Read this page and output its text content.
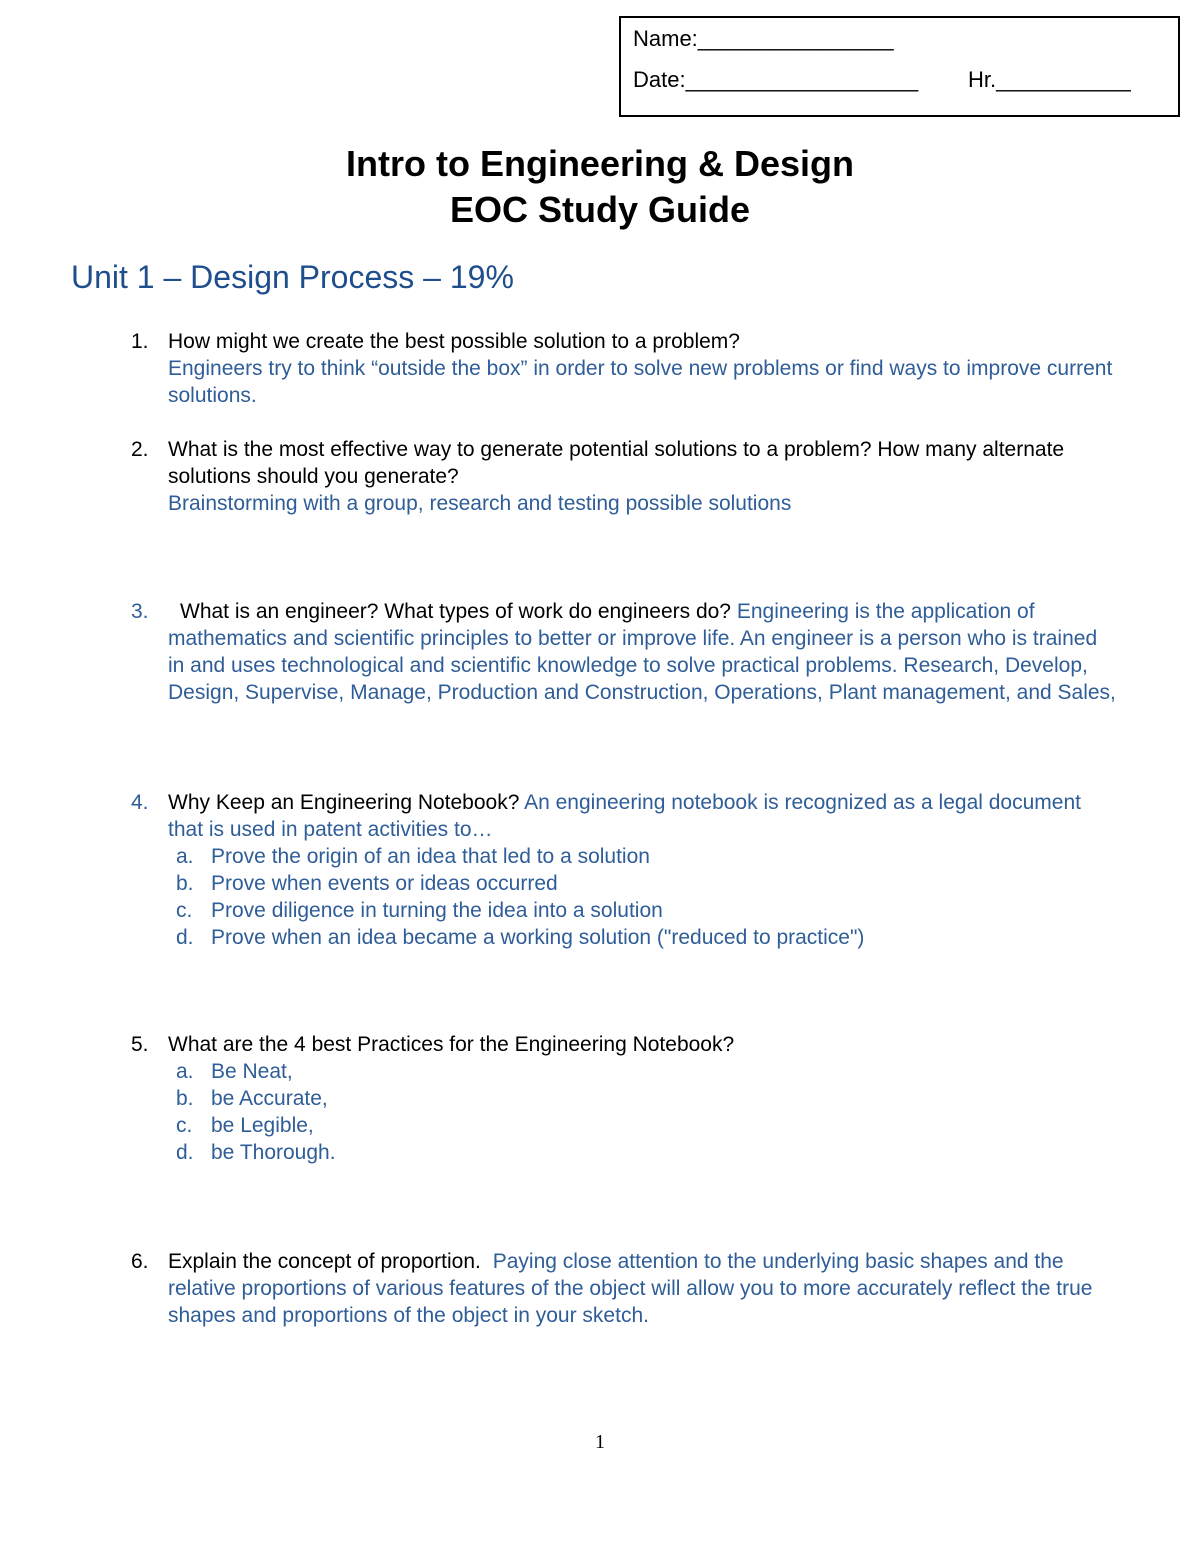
Name:________________
Date:___________________ Hr.___________
Intro to Engineering & Design
EOC Study Guide
Unit 1 – Design Process – 19%
1. How might we create the best possible solution to a problem?
Engineers try to think “outside the box” in order to solve new problems or find ways to improve current solutions.
2. What is the most effective way to generate potential solutions to a problem? How many alternate solutions should you generate?
Brainstorming with a group, research and testing possible solutions
3.	What is an engineer? What types of work do engineers do? Engineering is the application of mathematics and scientific principles to better or improve life. An engineer is a person who is trained in and uses technological and scientific knowledge to solve practical problems. Research, Develop, Design, Supervise, Manage, Production and Construction, Operations, Plant management, and Sales,
4. Why Keep an Engineering Notebook? An engineering notebook is recognized as a legal document that is used in patent activities to…
a. Prove the origin of an idea that led to a solution
b. Prove when events or ideas occurred
c. Prove diligence in turning the idea into a solution
d. Prove when an idea became a working solution ("reduced to practice")
5. What are the 4 best Practices for the Engineering Notebook?
a. Be Neat,
b. be Accurate,
c. be Legible,
d. be Thorough.
6. Explain the concept of proportion. Paying close attention to the underlying basic shapes and the relative proportions of various features of the object will allow you to more accurately reflect the true shapes and proportions of the object in your sketch.
1
